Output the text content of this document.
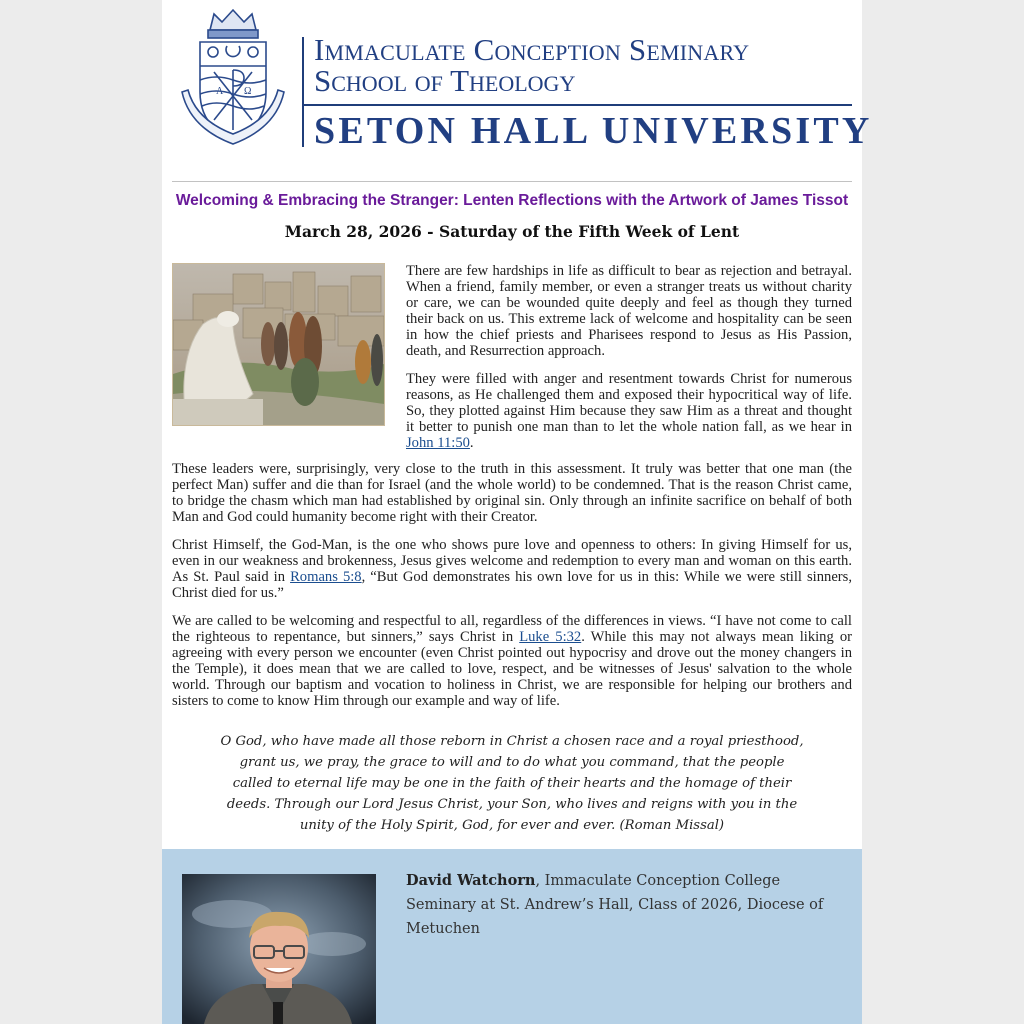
A Ω
Immaculate Conception Seminary
School of Theology
SETON HALL UNIVERSITY
Welcoming & Embracing the Stranger: Lenten Reflections with the Artwork of James Tissot
March 28, 2026 - Saturday of the Fifth Week of Lent
There are few hardships in life as difficult to bear as rejection and betrayal. When a friend, family member, or even a stranger treats us without charity or care, we can be wounded quite deeply and feel as though they turned their back on us. This extreme lack of welcome and hospitality can be seen in how the chief priests and Pharisees respond to Jesus as His Passion, death, and Resurrection approach.
They were filled with anger and resentment towards Christ for numerous reasons, as He challenged them and exposed their hypocritical way of life. So, they plotted against Him because they saw Him as a threat and thought it better to punish one man than to let the whole nation fall, as we hear in John 11:50.
These leaders were, surprisingly, very close to the truth in this assessment. It truly was better that one man (the perfect Man) suffer and die than for Israel (and the whole world) to be condemned. That is the reason Christ came, to bridge the chasm which man had established by original sin. Only through an infinite sacrifice on behalf of both Man and God could humanity become right with their Creator.
Christ Himself, the God-Man, is the one who shows pure love and openness to others: In giving Himself for us, even in our weakness and brokenness, Jesus gives welcome and redemption to every man and woman on this earth. As St. Paul said in Romans 5:8, “But God demonstrates his own love for us in this: While we were still sinners, Christ died for us.”
We are called to be welcoming and respectful to all, regardless of the differences in views. “I have not come to call the righteous to repentance, but sinners,” says Christ in Luke 5:32. While this may not always mean liking or agreeing with every person we encounter (even Christ pointed out hypocrisy and drove out the money changers in the Temple), it does mean that we are called to love, respect, and be witnesses of Jesus' salvation to the whole world. Through our baptism and vocation to holiness in Christ, we are responsible for helping our brothers and sisters to come to know Him through our example and way of life.
O God, who have made all those reborn in Christ a chosen race and a royal priesthood, grant us, we pray, the grace to will and to do what you command, that the people called to eternal life may be one in the faith of their hearts and the homage of their deeds. Through our Lord Jesus Christ, your Son, who lives and reigns with you in the unity of the Holy Spirit, God, for ever and ever. (Roman Missal)
David Watchorn, Immaculate Conception College Seminary at St. Andrew’s Hall, Class of 2026, Diocese of Metuchen
